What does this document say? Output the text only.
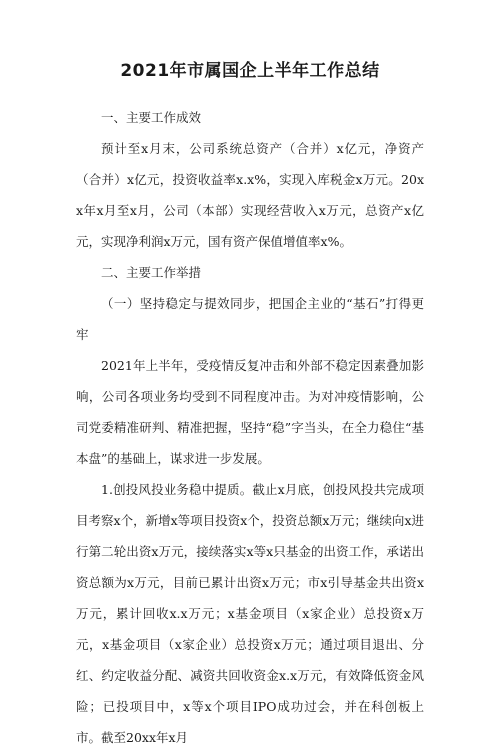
2021年市属国企上半年工作总结

一、主要工作成效

预计至x月末，公司系统总资产（合并）x亿元，净资产（合并）x亿元，投资收益率x.x%，实现入库税金x万元。20xx年x月至x月，公司（本部）实现经营收入x万元，总资产x亿元，实现净利润x万元，国有资产保值增值率x%。

二、主要工作举措

（一）坚持稳定与提效同步，把国企主业的“基石”打得更牢

2021年上半年，受疫情反复冲击和外部不稳定因素叠加影响，公司各项业务均受到不同程度冲击。为对冲疫情影响，公司党委精准研判、精准把握，坚持“稳”字当头，在全力稳住“基本盘”的基础上，谋求进一步发展。

1.创投风投业务稳中提质。截止x月底，创投风投共完成项目考察x个，新增x等项目投资x个，投资总额x万元；继续向x进行第二轮出资x万元，接续落实x等x只基金的出资工作，承诺出资总额为x万元，目前已累计出资x万元；市x引导基金共出资x万元，累计回收x.x万元；x基金项目（x家企业）总投资x万元，x基金项目（x家企业）总投资x万元；通过项目退出、分红、约定收益分配、减资共回收资金x.x万元，有效降低资金风险；已投项目中，x等x个项目IPO成功过会，并在科创板上市。截至20xx年x月
